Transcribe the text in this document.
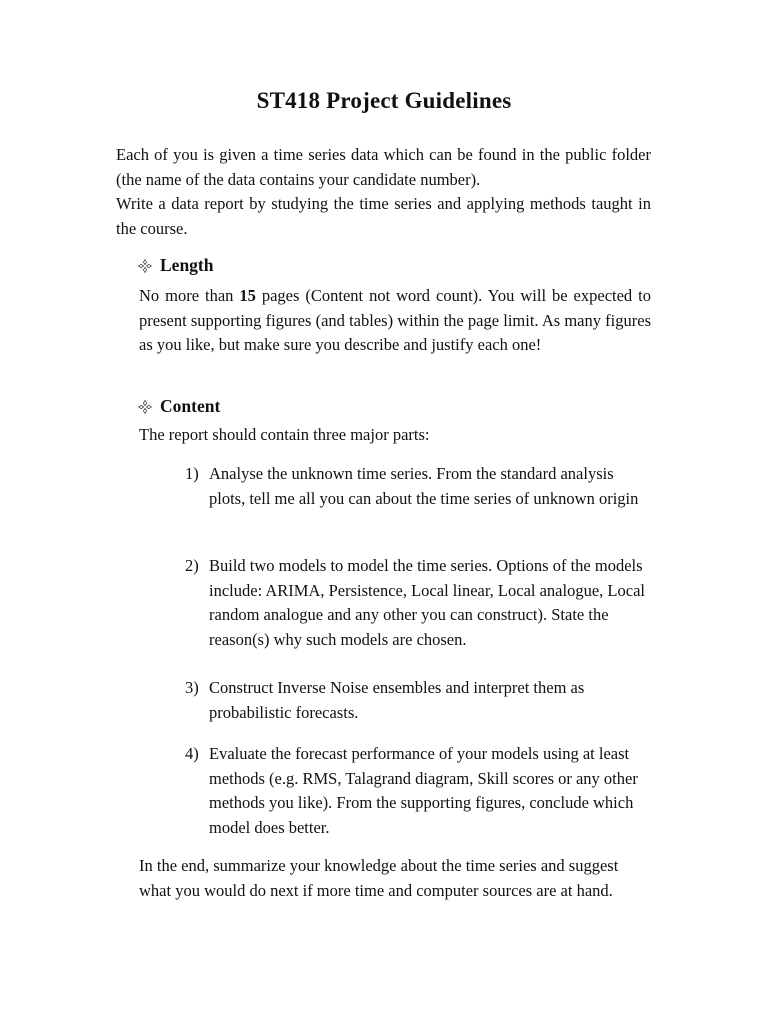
ST418 Project Guidelines

Each of you is given a time series data which can be found in the public folder (the name of the data contains your candidate number).

Write a data report by studying the time series and applying methods taught in the course.

Length
No more than 15 pages (Content not word count). You will be expected to present supporting figures (and tables) within the page limit. As many figures as you like, but make sure you describe and justify each one!
Content
The report should contain three major parts:
1) Analyse the unknown time series. From the standard analysis plots, tell me all you can about the time series of unknown origin
2) Build two models to model the time series. Options of the models include: ARIMA, Persistence, Local linear, Local analogue, Local random analogue and any other you can construct). State the reason(s) why such models are chosen.
3) Construct Inverse Noise ensembles and interpret them as probabilistic forecasts.
4) Evaluate the forecast performance of your models using at least methods (e.g. RMS, Talagrand diagram, Skill scores or any other methods you like). From the supporting figures, conclude which model does better.
In the end, summarize your knowledge about the time series and suggest what you would do next if more time and computer sources are at hand.
